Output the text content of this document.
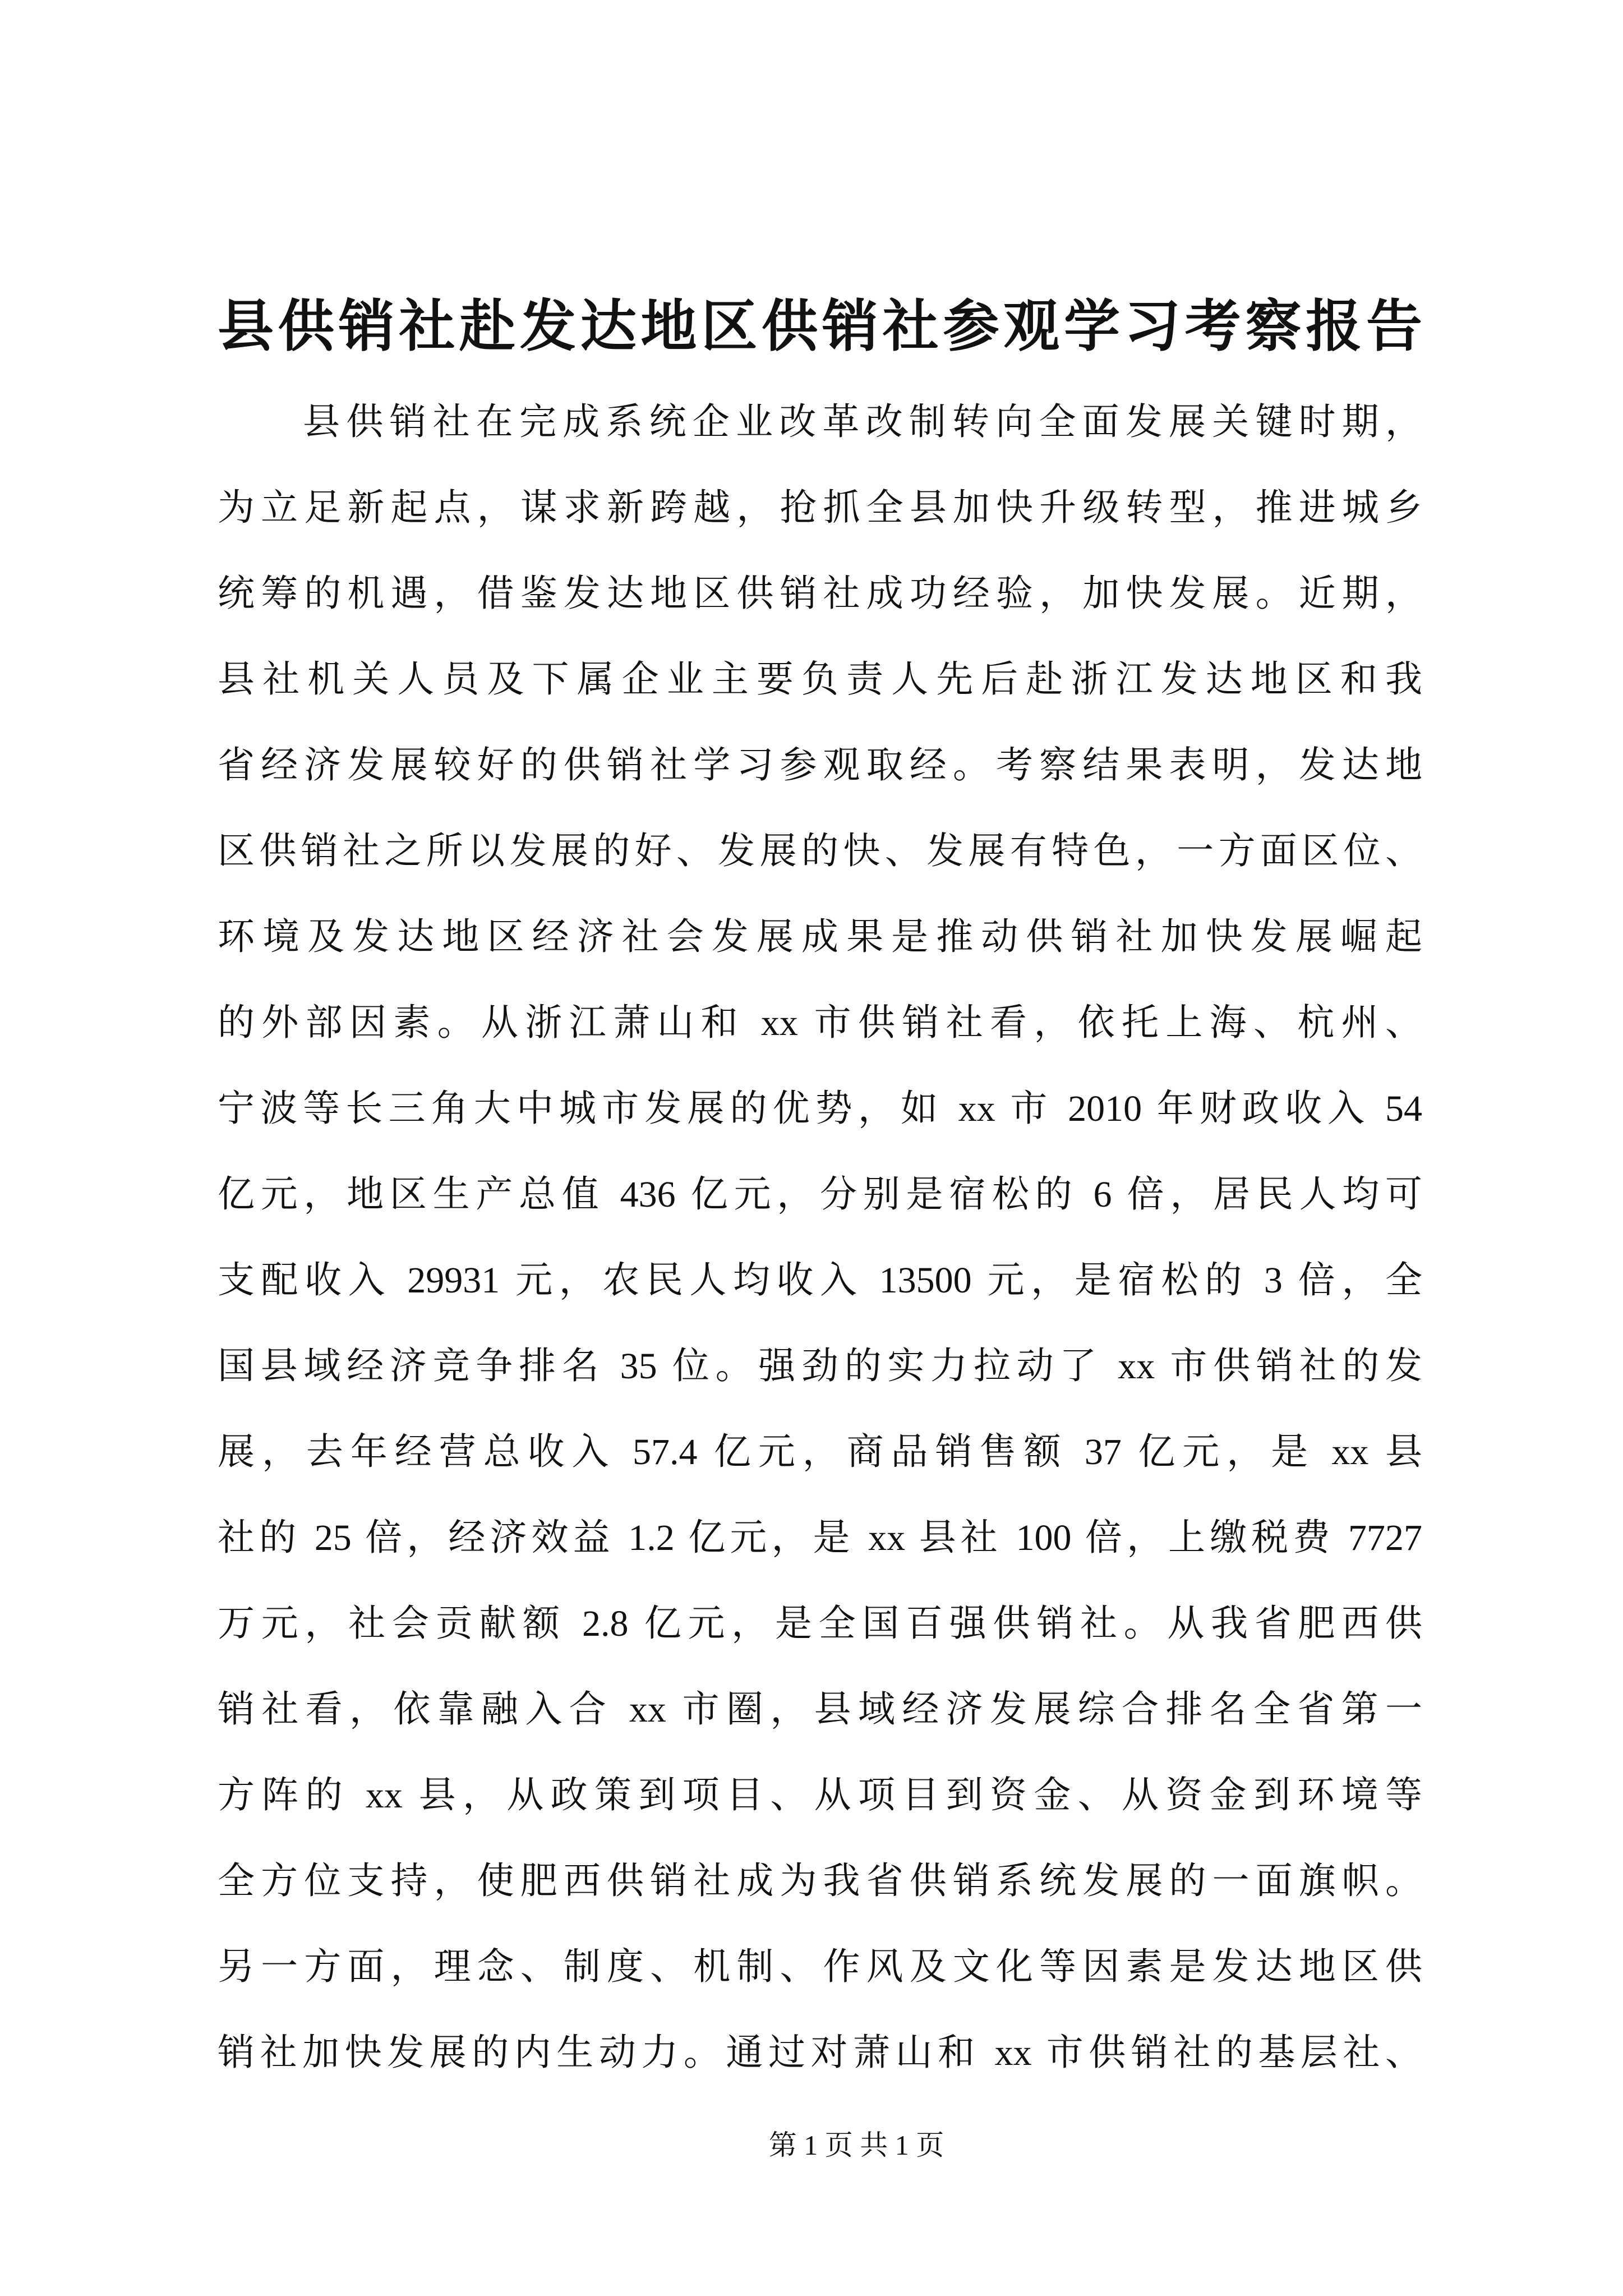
县供销社赴发达地区供销社参观学习考察报告
县供销社在完成系统企业改革改制转向全面发展关键时期，
为立足新起点，谋求新跨越，抢抓全县加快升级转型，推进城乡
统筹的机遇，借鉴发达地区供销社成功经验，加快发展。近期，
县社机关人员及下属企业主要负责人先后赴浙江发达地区和我
省经济发展较好的供销社学习参观取经。考察结果表明，发达地
区供销社之所以发展的好、发展的快、发展有特色，一方面区位、
环境及发达地区经济社会发展成果是推动供销社加快发展崛起
的外部因素。从浙江萧山和 xx 市供销社看，依托上海、杭州、
宁波等长三角大中城市发展的优势，如 xx 市 2010 年财政收入 54
亿元，地区生产总值 436 亿元，分别是宿松的 6 倍，居民人均可
支配收入 29931 元，农民人均收入 13500 元，是宿松的 3 倍，全
国县域经济竞争排名 35 位。强劲的实力拉动了 xx 市供销社的发
展，去年经营总收入 57.4 亿元，商品销售额 37 亿元，是 xx 县
社的 25 倍，经济效益 1.2 亿元，是 xx 县社 100 倍，上缴税费 7727
万元，社会贡献额 2.8 亿元，是全国百强供销社。从我省肥西供
销社看，依靠融入合 xx 市圈，县域经济发展综合排名全省第一
方阵的 xx 县，从政策到项目、从项目到资金、从资金到环境等
全方位支持，使肥西供销社成为我省供销系统发展的一面旗帜。
另一方面，理念、制度、机制、作风及文化等因素是发达地区供
销社加快发展的内生动力。通过对萧山和 xx 市供销社的基层社、
第 1 页 共 1 页
